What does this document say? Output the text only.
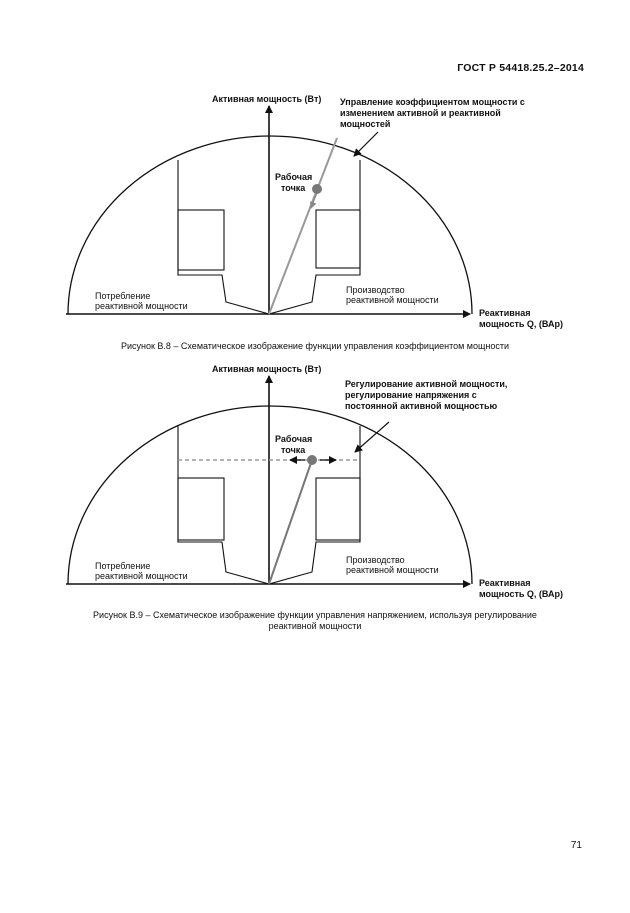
ГОСТ Р 54418.25.2–2014
Активная мощность (Вт) Управление коэффициентом мощности с
изменением активной и реактивной
мощностей
Рабочая
точка
Потребление
реактивной мощности
Производство
реактивной мощности
Реактивная
мощность Q, (ВАр)
Рисунок В.8 – Схематическое изображение функции управления коэффициентом мощности
Активная мощность (Вт)
Регулирование активной мощности,
регулирование напряжения с
постоянной активной мощностью
Рабочая
точка
Потребление
реактивной мощности
Производство
реактивной мощности
Реактивная
мощность Q, (ВАр)
Рисунок В.9 – Схематическое изображение функции управления напряжением, используя регулирование
реактивной мощности
71
